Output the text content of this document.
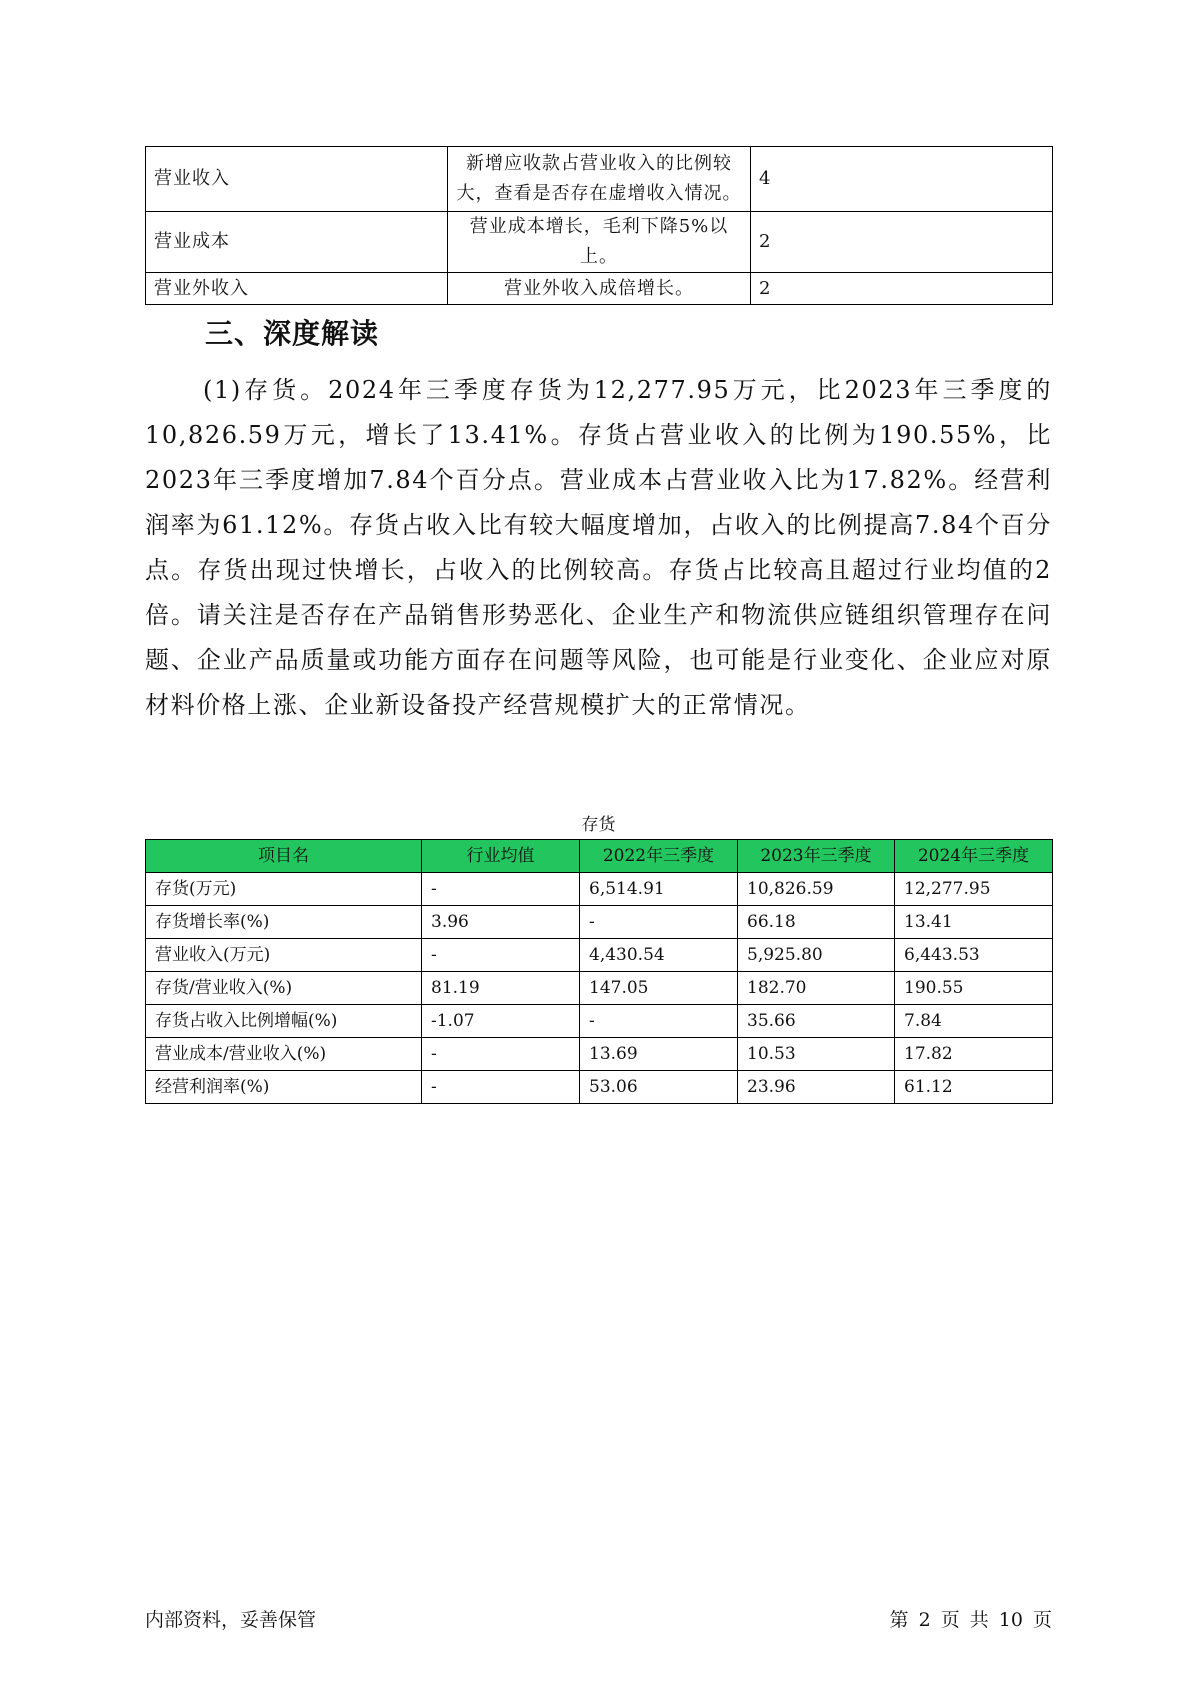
营业收入	新增应收款占营业收入的比例较大，查看是否存在虚增收入情况。	4
营业成本	营业成本增长，毛利下降5%以上。	2
营业外收入	营业外收入成倍增长。	2
三、深度解读

(1)存货。2024年三季度存货为12,277.95万元，比2023年三季度的10,826.59万元，增长了13.41%。存货占营业收入的比例为190.55%，比2023年三季度增加7.84个百分点。营业成本占营业收入比为17.82%。经营利润率为61.12%。存货占收入比有较大幅度增加，占收入的比例提高7.84个百分点。存货出现过快增长，占收入的比例较高。存货占比较高且超过行业均值的2倍。请关注是否存在产品销售形势恶化、企业生产和物流供应链组织管理存在问题、企业产品质量或功能方面存在问题等风险，也可能是行业变化、企业应对原材料价格上涨、企业新设备投产经营规模扩大的正常情况。

存货
项目名	行业均值	2022年三季度	2023年三季度	2024年三季度
存货(万元)	-	6,514.91	10,826.59	12,277.95
存货增长率(%)	3.96	-	66.18	13.41
营业收入(万元)	-	4,430.54	5,925.80	6,443.53
存货/营业收入(%)	81.19	147.05	182.70	190.55
存货占收入比例增幅(%)	-1.07	-	35.66	7.84
营业成本/营业收入(%)	-	13.69	10.53	17.82
经营利润率(%)	-	53.06	23.96	61.12
内部资料，妥善保管	第 2 页 共 10 页
